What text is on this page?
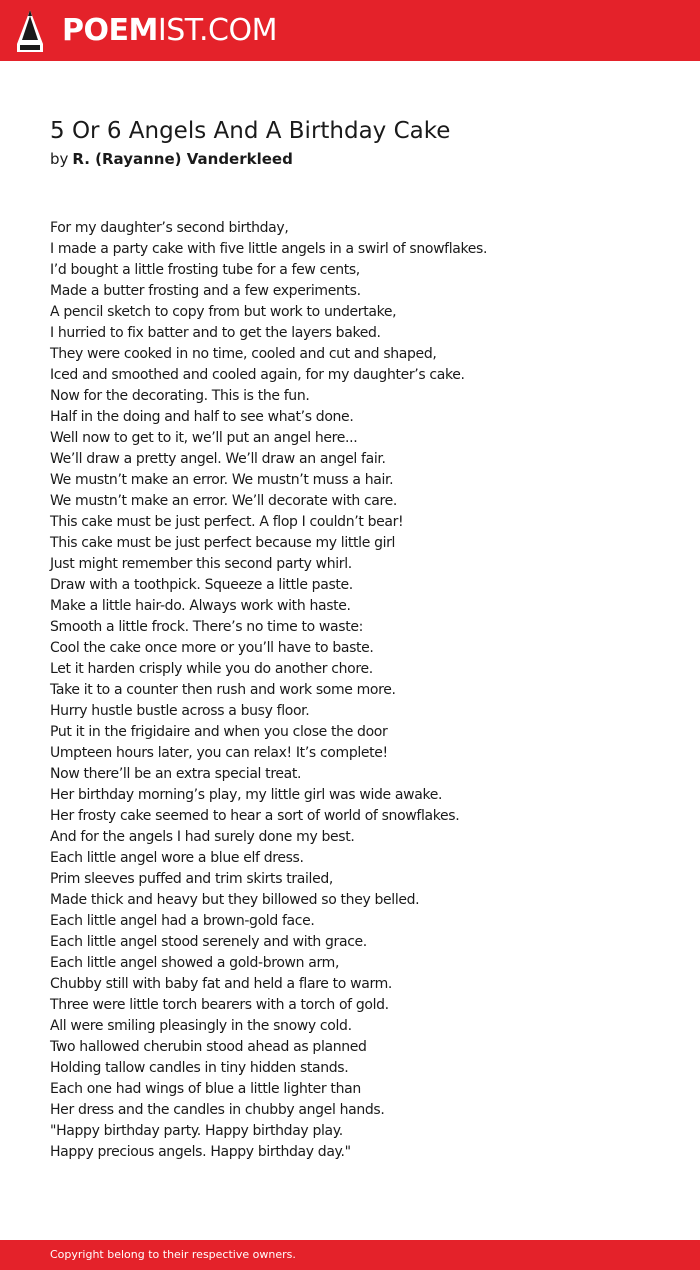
POEMIST.COM
5 Or 6 Angels And A Birthday Cake
by R. (Rayanne) Vanderkleed
For my daughter’s second birthday,
I made a party cake with five little angels in a swirl of snowflakes.
I’d bought a little frosting tube for a few cents,
Made a butter frosting and a few experiments.
A pencil sketch to copy from but work to undertake,
I hurried to fix batter and to get the layers baked.
They were cooked in no time, cooled and cut and shaped,
Iced and smoothed and cooled again, for my daughter’s cake.
Now for the decorating. This is the fun.
Half in the doing and half to see what’s done.
Well now to get to it, we’ll put an angel here...
We’ll draw a pretty angel. We’ll draw an angel fair.
We mustn’t make an error. We mustn’t muss a hair.
We mustn’t make an error. We’ll decorate with care.
This cake must be just perfect. A flop I couldn’t bear!
This cake must be just perfect because my little girl
Just might remember this second party whirl.
Draw with a toothpick. Squeeze a little paste.
Make a little hair-do. Always work with haste.
Smooth a little frock. There’s no time to waste:
Cool the cake once more or you’ll have to baste.
Let it harden crisply while you do another chore.
Take it to a counter then rush and work some more.
Hurry hustle bustle across a busy floor.
Put it in the frigidaire and when you close the door
Umpteen hours later, you can relax! It’s complete!
Now there’ll be an extra special treat.
Her birthday morning’s play, my little girl was wide awake.
Her frosty cake seemed to hear a sort of world of snowflakes.
And for the angels I had surely done my best.
Each little angel wore a blue elf dress.
Prim sleeves puffed and trim skirts trailed,
Made thick and heavy but they billowed so they belled.
Each little angel had a brown-gold face.
Each little angel stood serenely and with grace.
Each little angel showed a gold-brown arm,
Chubby still with baby fat and held a flare to warm.
Three were little torch bearers with a torch of gold.
All were smiling pleasingly in the snowy cold.
Two hallowed cherubin stood ahead as planned
Holding tallow candles in tiny hidden stands.
Each one had wings of blue a little lighter than
Her dress and the candles in chubby angel hands.
"Happy birthday party. Happy birthday play.
Happy precious angels. Happy birthday day."
Copyright belong to their respective owners.
